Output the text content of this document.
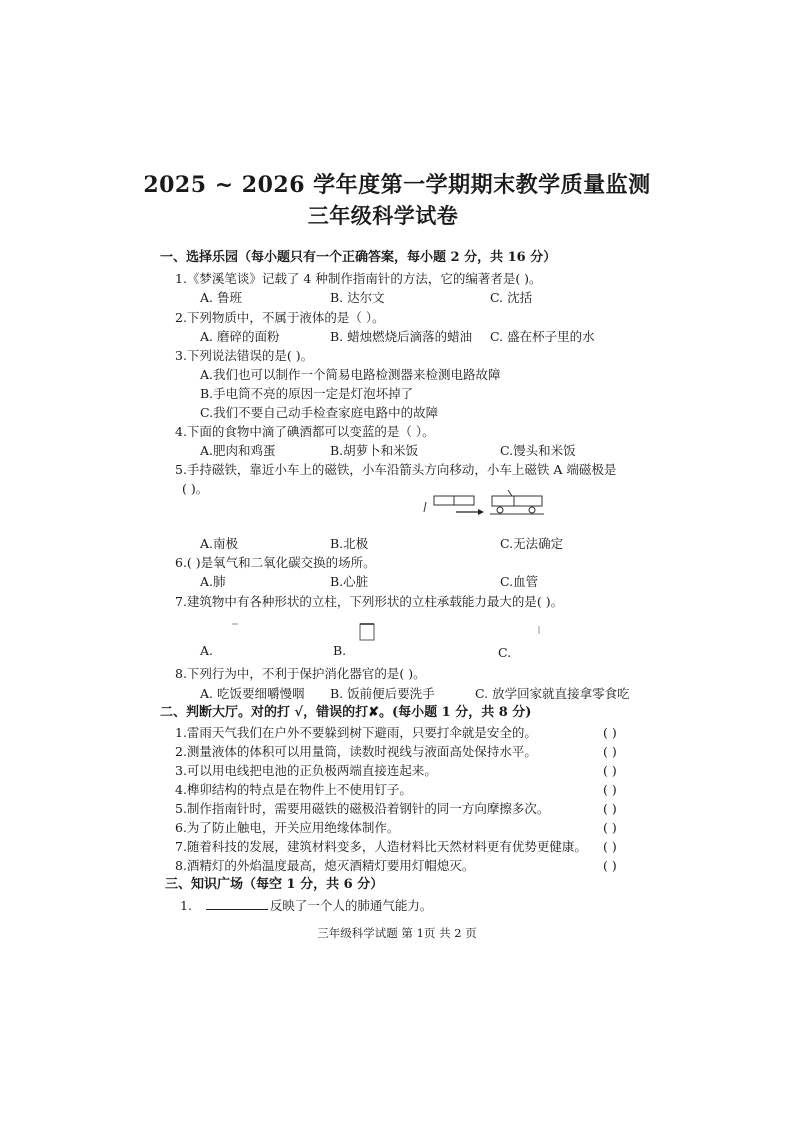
2025 ~ 2026 学年度第一学期期末教学质量监测
三年级科学试卷
一、选择乐园（每小题只有一个正确答案，每小题 2 分，共 16 分）
1.《梦溪笔谈》记载了 4 种制作指南针的方法，它的编著者是( )。
A. 鲁班	B. 达尔文	C. 沈括
2.下列物质中，不属于液体的是（ ）。
A. 磨碎的面粉	B. 蜡烛燃烧后滴落的蜡油 C. 盛在杯子里的水
3.下列说法错误的是( )。
A.我们也可以制作一个简易电路检测器来检测电路故障
B.手电筒不亮的原因一定是灯泡坏掉了
C.我们不要自己动手检查家庭电路中的故障
4.下面的食物中滴了碘酒都可以变蓝的是（ ）。
A.肥肉和鸡蛋	B.胡萝卜和米饭	C.馒头和米饭
5.手持磁铁，靠近小车上的磁铁，小车沿箭头方向移动，小车上磁铁 A 端磁极是
( )。
A.南极	B.北极	C.无法确定
6.( )是氧气和二氧化碳交换的场所。
A.肺	B.心脏	C.血管
7.建筑物中有各种形状的立柱，下列形状的立柱承载能力最大的是( )。
A.	B.	C.
8.下列行为中，不利于保护消化器官的是( )。
A. 吃饭要细嚼慢咽 B. 饭前便后要洗手	C. 放学回家就直接拿零食吃
二、判断大厅。对的打 √，错误的打✘。(每小题 1 分，共 8 分)
1.雷雨天气我们在户外不要躲到树下避雨，只要打伞就是安全的。	( )
2.测量液体的体积可以用量筒，读数时视线与液面高处保持水平。	( )
3.可以用电线把电池的正负极两端直接连起来。	( )
4.榫卯结构的特点是在物件上不使用钉子。	( )
5.制作指南针时，需要用磁铁的磁极沿着钢针的同一方向摩擦多次。	( )
6.为了防止触电，开关应用绝缘体制作。	( )
7.随着科技的发展，建筑材料变多，人造材料比天然材料更有优势更健康。 ( )
8.酒精灯的外焰温度最高，熄灭酒精灯要用灯帽熄灭。	( )
三、知识广场（每空 1 分，共 6 分）
1.	反映了一个人的肺通气能力。
三年级科学试题 第 1页 共 2 页
